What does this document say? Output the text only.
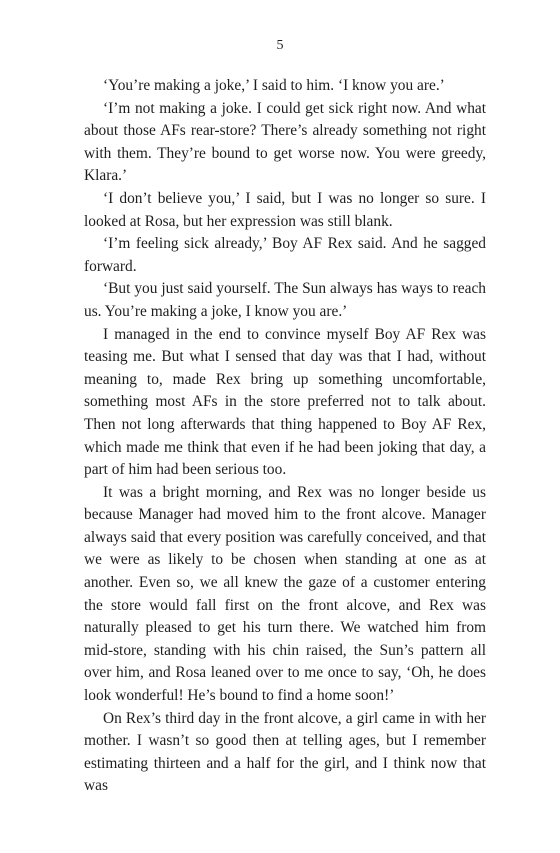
5

‘You’re making a joke,’ I said to him. ‘I know you are.’

‘I’m not making a joke. I could get sick right now. And what about those AFs rear-store? There’s already something not right with them. They’re bound to get worse now. You were greedy, Klara.’

‘I don’t believe you,’ I said, but I was no longer so sure. I looked at Rosa, but her expression was still blank.

‘I’m feeling sick already,’ Boy AF Rex said. And he sagged forward.

‘But you just said yourself. The Sun always has ways to reach us. You’re making a joke, I know you are.’

I managed in the end to convince myself Boy AF Rex was teasing me. But what I sensed that day was that I had, without meaning to, made Rex bring up something uncomfortable, something most AFs in the store preferred not to talk about. Then not long afterwards that thing happened to Boy AF Rex, which made me think that even if he had been joking that day, a part of him had been serious too.

It was a bright morning, and Rex was no longer beside us because Manager had moved him to the front alcove. Manager always said that every position was carefully conceived, and that we were as likely to be chosen when standing at one as at another. Even so, we all knew the gaze of a customer entering the store would fall first on the front alcove, and Rex was naturally pleased to get his turn there. We watched him from mid-store, standing with his chin raised, the Sun’s pattern all over him, and Rosa leaned over to me once to say, ‘Oh, he does look wonderful! He’s bound to find a home soon!’

On Rex’s third day in the front alcove, a girl came in with her mother. I wasn’t so good then at telling ages, but I remember estimating thirteen and a half for the girl, and I think now that was
